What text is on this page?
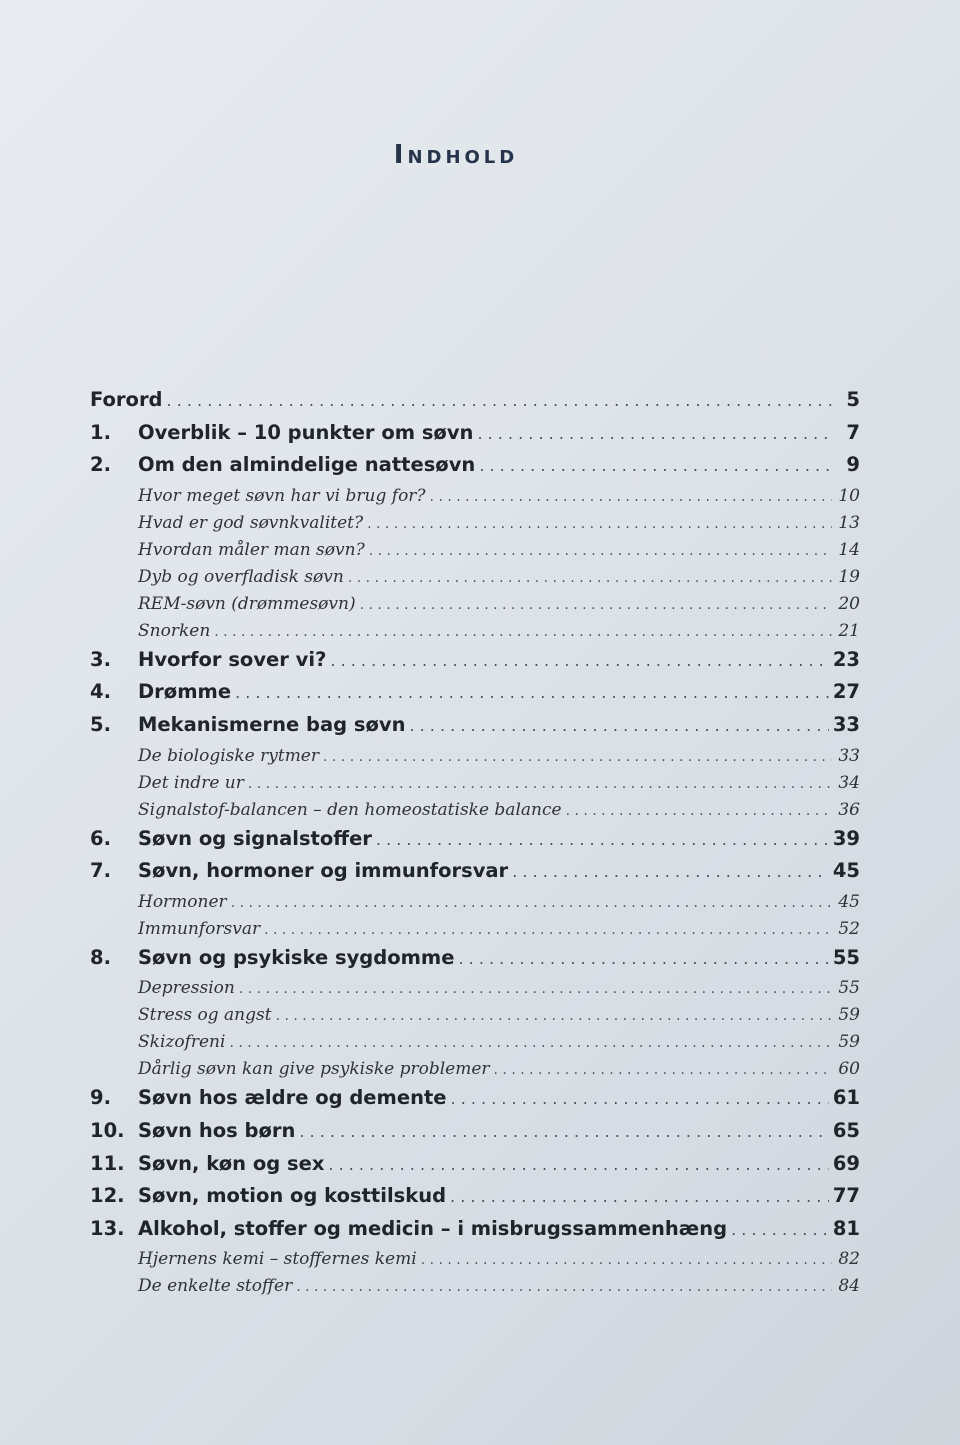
Indhold
Forord . . .	5
1.	Overblik – 10 punkter om søvn . . .	7
2.	Om den almindelige nattesøvn . . .	9
Hvor meget søvn har vi brug for? . . .	10
Hvad er god søvnkvalitet? . . .	13
Hvordan måler man søvn? . . .	14
Dyb og overfladisk søvn . . .	19
REM-søvn (drømmesøvn) . . .	20
Snorken . . .	21
3.	Hvorfor sover vi? . . .	23
4.	Drømme . . .	27
5.	Mekanismerne bag søvn . . .	33
De biologiske rytmer . . .	33
Det indre ur . . .	34
Signalstof-balancen – den homeostatiske balance . . .	36
6.	Søvn og signalstoffer . . .	39
7.	Søvn, hormoner og immunforsvar . . .	45
Hormoner . . .	45
Immunforsvar . . .	52
8.	Søvn og psykiske sygdomme . . .	55
Depression . . .	55
Stress og angst . . .	59
Skizofreni . . .	59
Dårlig søvn kan give psykiske problemer . . .	60
9.	Søvn hos ældre og demente . . .	61
10. Søvn hos børn . . .	65
11. Søvn, køn og sex . . .	69
12. Søvn, motion og kosttilskud . . .	77
13. Alkohol, stoffer og medicin – i misbrugssammenhæng . . .	81
Hjernens kemi – stoffernes kemi . . .	82
De enkelte stoffer . . .	84
